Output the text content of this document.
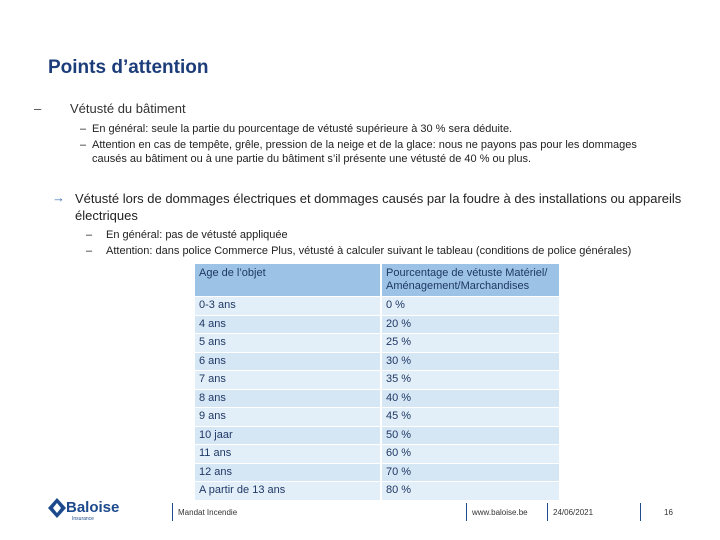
Points d’attention
–	Vétusté du bâtiment
– En général: seule la partie du pourcentage de vétusté supérieure à 30 % sera déduite.
– Attention en cas de tempête, grêle, pression de la neige et de la glace: nous ne payons pas pour les dommages causés au bâtiment ou à une partie du bâtiment s’il présente une vétusté de 40 % ou plus.
→ Vétusté lors de dommages électriques et dommages causés par la foudre à des installations ou appareils électriques
–	En général: pas de vétusté appliquée
–	Attention: dans police Commerce Plus, vétusté à calculer suivant le tableau (conditions de police générales)
Age de l’objet	Pourcentage de vétuste Matériel/ Aménagement/Marchandises
0-3 ans	0 %
4 ans	20 %
5 ans	25 %
6 ans	30 %
7 ans	35 %
8 ans	40 %
9 ans	45 %
10 jaar	50 %
11 ans	60 %
12 ans	70 %
A partir de 13 ans	80 %
Baloise
Insurance
Mandat Incendie	www.baloise.be	24/06/2021	16
